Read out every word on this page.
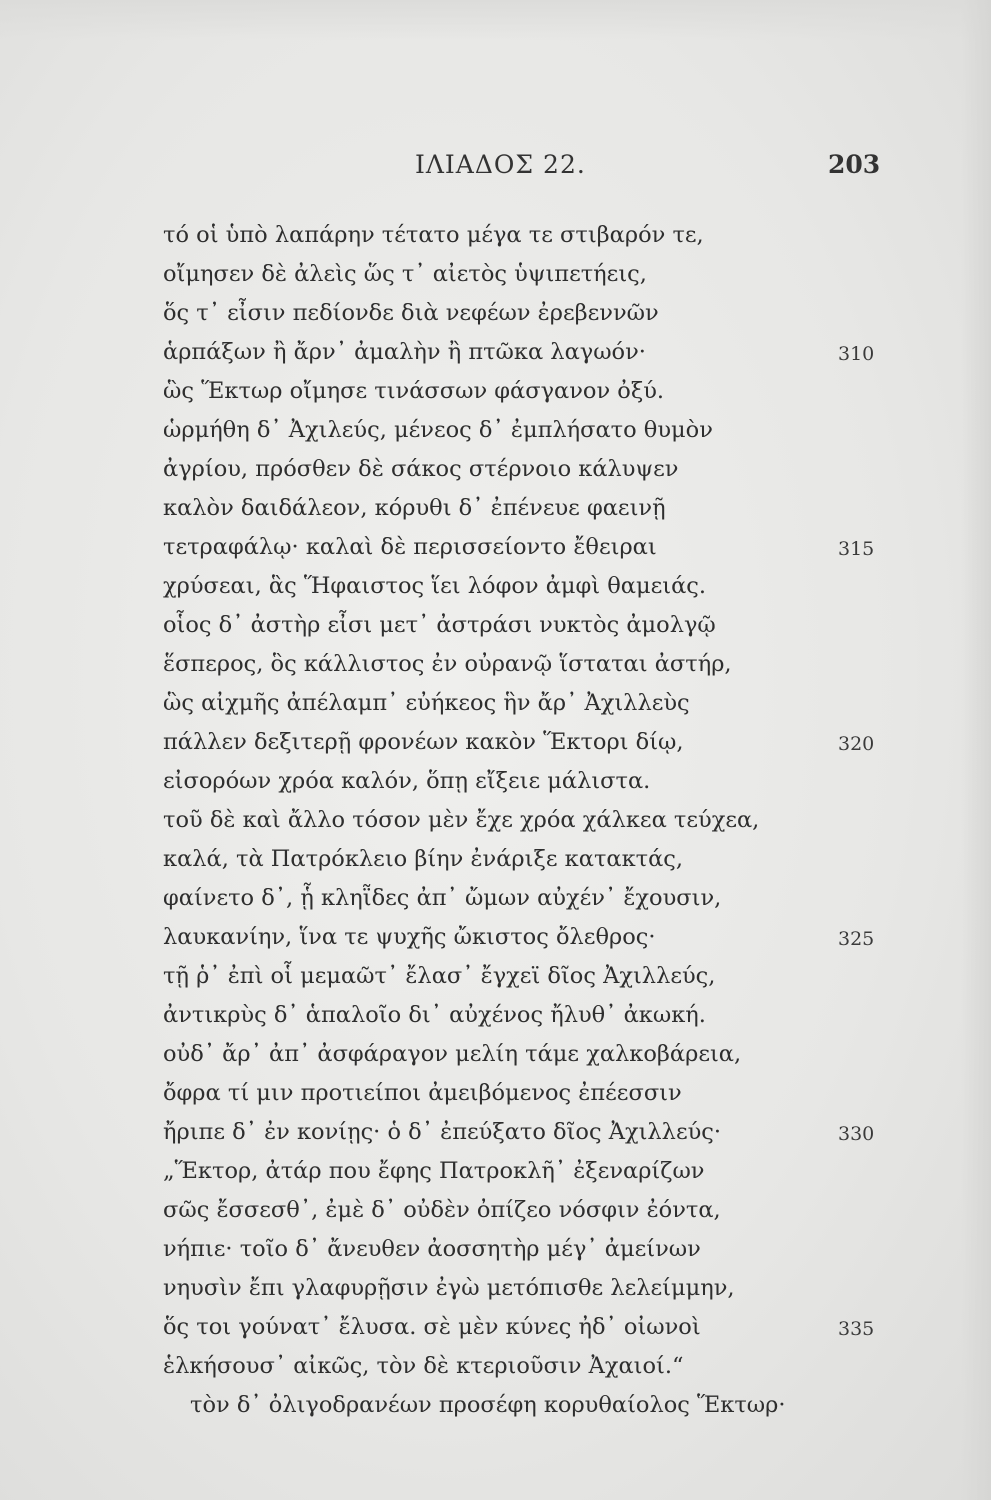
ΙΛΙΑΔΟΣ 22.	203
τό οἱ ὑπὸ λαπάρην τέτατο μέγα τε στιβαρόν τε,
οἴμησεν δὲ ἀλεὶς ὥς τ᾽ αἰετὸς ὑψιπετήεις,
ὅς τ᾽ εἶσιν πεδίονδε διὰ νεφέων ἐρεβεννῶν
ἁρπάξων ἢ ἄρν᾽ ἀμαλὴν ἢ πτῶκα λαγωόν·
ὣς Ἕκτωρ οἴμησε τινάσσων φάσγανον ὀξύ.
ὡρμήθη δ᾽ Ἀχιλεύς, μένεος δ᾽ ἐμπλήσατο θυμὸν
ἀγρίου, πρόσθεν δὲ σάκος στέρνοιο κάλυψεν
καλὸν δαιδάλεον, κόρυθι δ᾽ ἐπένευε φαεινῇ
τετραφάλῳ· καλαὶ δὲ περισσείοντο ἔθειραι
χρύσεαι, ἃς Ἥφαιστος ἵει λόφον ἀμφὶ θαμειάς.
οἷος δ᾽ ἀστὴρ εἶσι μετ᾽ ἀστράσι νυκτὸς ἀμολγῷ
ἕσπερος, ὃς κάλλιστος ἐν οὐρανῷ ἵσταται ἀστήρ,
ὣς αἰχμῆς ἀπέλαμπ᾽ εὐήκεος ἣν ἄρ᾽ Ἀχιλλεὺς
πάλλεν δεξιτερῇ φρονέων κακὸν Ἕκτορι δίῳ,
εἰσορόων χρόα καλόν, ὅπῃ εἴξειε μάλιστα.
τοῦ δὲ καὶ ἄλλο τόσον μὲν ἔχε χρόα χάλκεα τεύχεα,
καλά, τὰ Πατρόκλειο βίην ἐνάριξε κατακτάς,
φαίνετο δ᾽, ᾗ κληῗδες ἀπ᾽ ὤμων αὐχέν᾽ ἔχουσιν,
λαυκανίην, ἵνα τε ψυχῆς ὤκιστος ὄλεθρος·
τῇ ῥ᾽ ἐπὶ οἷ μεμαῶτ᾽ ἔλασ᾽ ἔγχεϊ δῖος Ἀχιλλεύς,
ἀντικρὺς δ᾽ ἁπαλοῖο δι᾽ αὐχένος ἤλυθ᾽ ἀκωκή.
οὐδ᾽ ἄρ᾽ ἀπ᾽ ἀσφάραγον μελίη τάμε χαλκοβάρεια,
ὄφρα τί μιν προτιείποι ἀμειβόμενος ἐπέεσσιν
ἤριπε δ᾽ ἐν κονίῃς· ὁ δ᾽ ἐπεύξατο δῖος Ἀχιλλεύς·
„Ἕκτορ, ἀτάρ που ἔφης Πατροκλῆ᾽ ἐξεναρίζων
σῶς ἔσσεσθ᾽, ἐμὲ δ᾽ οὐδὲν ὀπίζεο νόσφιν ἐόντα,
νήπιε· τοῖο δ᾽ ἄνευθεν ἀοσσητὴρ μέγ᾽ ἀμείνων
νηυσὶν ἔπι γλαφυρῇσιν ἐγὼ μετόπισθε λελείμμην,
ὅς τοι γούνατ᾽ ἔλυσα. σὲ μὲν κύνες ἠδ᾽ οἰωνοὶ
ἑλκήσουσ᾽ αἰκῶς, τὸν δὲ κτεριοῦσιν Ἀχαιοί.“
τὸν δ᾽ ὀλιγοδρανέων προσέφη κορυθαίολος Ἕκτωρ·
310
315
320
325
330
335
